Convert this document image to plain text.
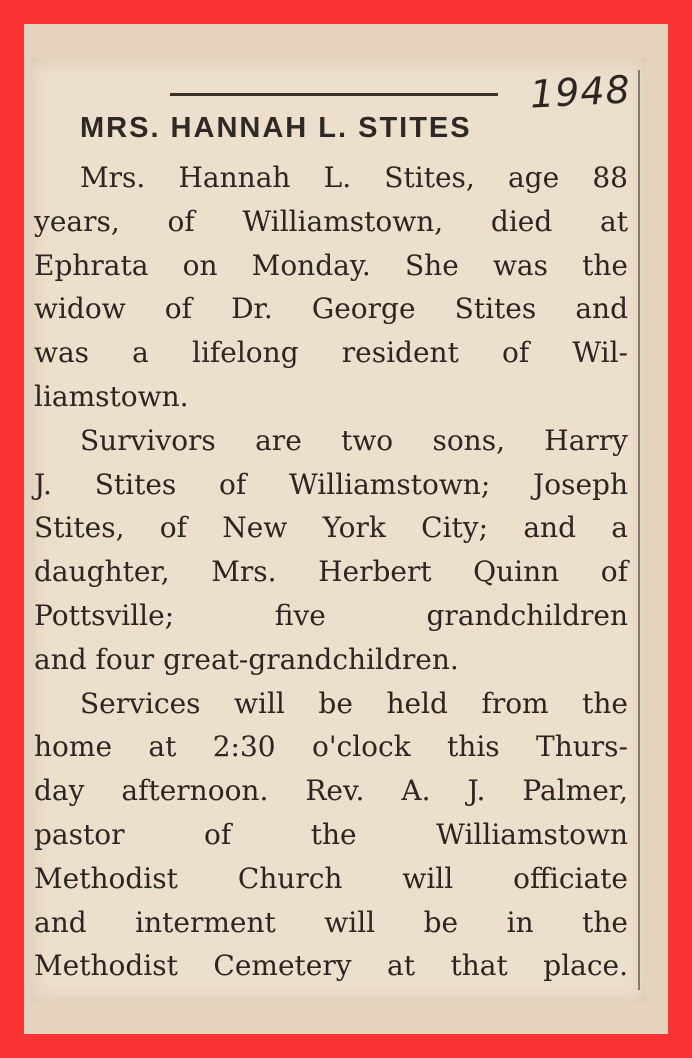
1948
MRS. HANNAH L. STITES
Mrs. Hannah L. Stites, age 88
years, of Williamstown, died at
Ephrata on Monday. She was the
widow of Dr. George Stites and
was a lifelong resident of Wil-
liamstown.
Survivors are two sons, Harry
J. Stites of Williamstown; Joseph
Stites, of New York City; and a
daughter, Mrs. Herbert Quinn of
Pottsville; five grandchildren
and four great-grandchildren.
Services will be held from the
home at 2:30 o'clock this Thurs-
day afternoon. Rev. A. J. Palmer,
pastor of the Williamstown
Methodist Church will officiate
and interment will be in the
Methodist Cemetery at that place.
